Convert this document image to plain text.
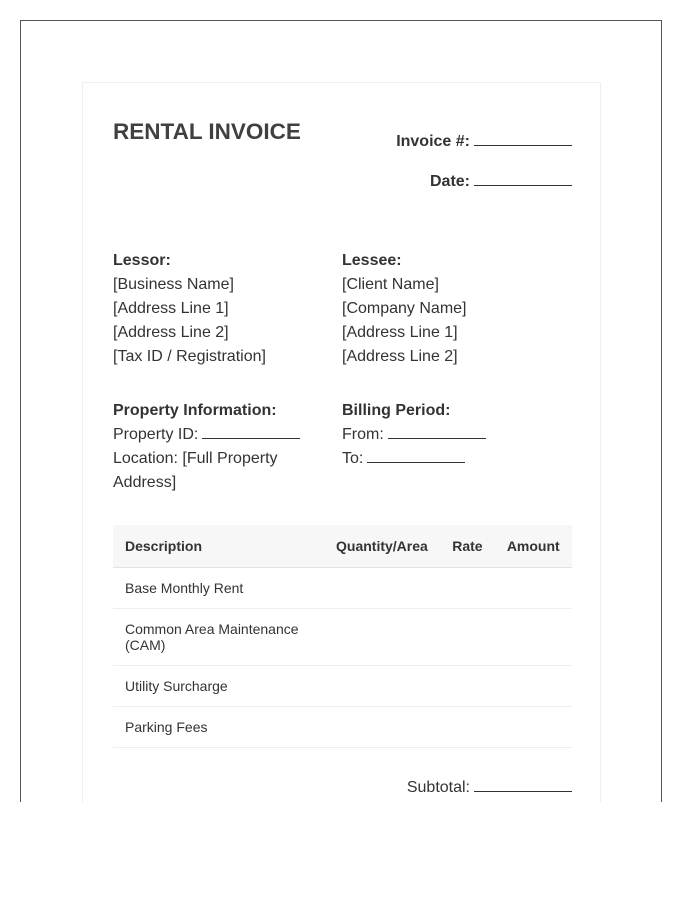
RENTAL INVOICE	Invoice #:
Date:
Lessor:
[Business Name]
[Address Line 1]
[Address Line 2]
[Tax ID / Registration]
Lessee:
[Client Name]
[Company Name]
[Address Line 1]
[Address Line 2]
Property Information:
Property ID:
Location: [Full Property
Address]
Billing Period:
From:
To:
Description	Quantity/Area	Rate	Amount
Base Monthly Rent			
Common Area Maintenance (CAM)			
Utility Surcharge			
Parking Fees			
Subtotal:
